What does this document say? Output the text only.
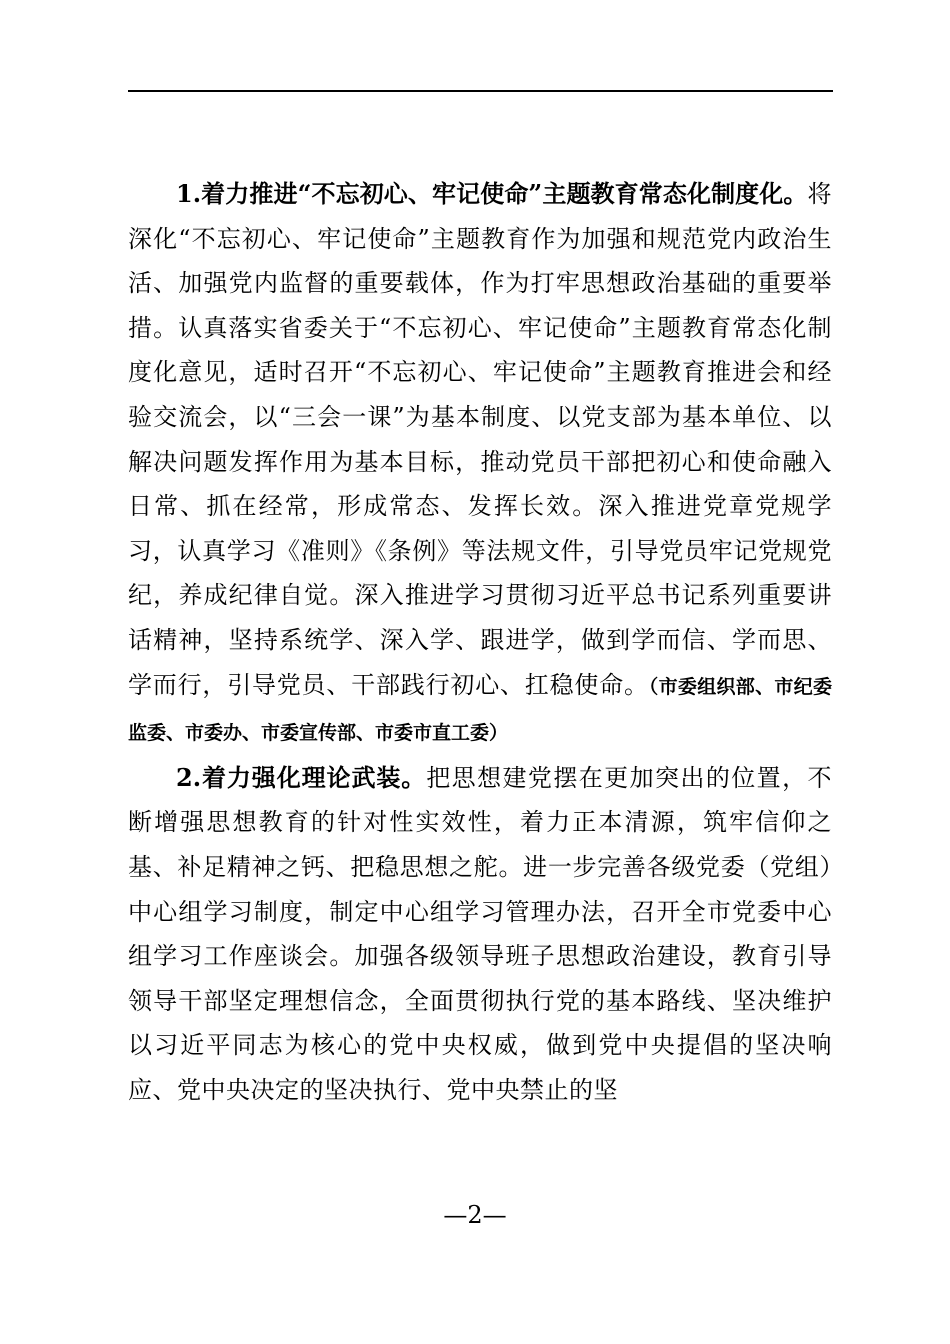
1.着力推进“不忘初心、牢记使命”主题教育常态化制度化。将深化“不忘初心、牢记使命”主题教育作为加强和规范党内政治生活、加强党内监督的重要载体，作为打牢思想政治基础的重要举措。认真落实省委关于“不忘初心、牢记使命”主题教育常态化制度化意见，适时召开“不忘初心、牢记使命”主题教育推进会和经验交流会，以“三会一课”为基本制度、以党支部为基本单位、以解决问题发挥作用为基本目标，推动党员干部把初心和使命融入日常、抓在经常，形成常态、发挥长效。深入推进党章党规学习，认真学习《准则》《条例》等法规文件，引导党员牢记党规党纪，养成纪律自觉。深入推进学习贯彻习近平总书记系列重要讲话精神，坚持系统学、深入学、跟进学，做到学而信、学而思、学而行，引导党员、干部践行初心、扛稳使命。（市委组织部、市纪委监委、市委办、市委宣传部、市委市直工委）

2.着力强化理论武装。把思想建党摆在更加突出的位置，不断增强思想教育的针对性实效性，着力正本清源，筑牢信仰之基、补足精神之钙、把稳思想之舵。进一步完善各级党委（党组）中心组学习制度，制定中心组学习管理办法，召开全市党委中心组学习工作座谈会。加强各级领导班子思想政治建设，教育引导领导干部坚定理想信念，全面贯彻执行党的基本路线、坚决维护以习近平同志为核心的党中央权威，做到党中央提倡的坚决响应、党中央决定的坚决执行、党中央禁止的坚

—2—
